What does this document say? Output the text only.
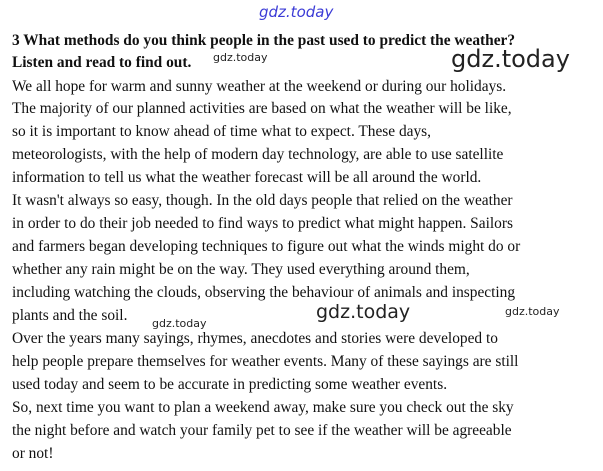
gdz.today
3 What methods do you think people in the past used to predict the weather?
Listen and read to find out. gdz.today	gdz.today
We all hope for warm and sunny weather at the weekend or during our holidays.
The majority of our planned activities are based on what the weather will be like,
so it is important to know ahead of time what to expect. These days,
meteorologists, with the help of modern day technology, are able to use satellite
information to tell us what the weather forecast will be all around the world.
It wasn't always so easy, though. In the old days people that relied on the weather
in order to do their job needed to find ways to predict what might happen. Sailors
and farmers began developing techniques to figure out what the winds might do or
whether any rain might be on the way. They used everything around them,
including watching the clouds, observing the behaviour of animals and inspecting
plants and the soil. gdz.today
gdz.today	gdz.today
Over the years many sayings, rhymes, anecdotes and stories were developed to
help people prepare themselves for weather events. Many of these sayings are still
used today and seem to be accurate in predicting some weather events.
So, next time you want to plan a weekend away, make sure you check out the sky
the night before and watch your family pet to see if the weather will be agreeable
or not!
